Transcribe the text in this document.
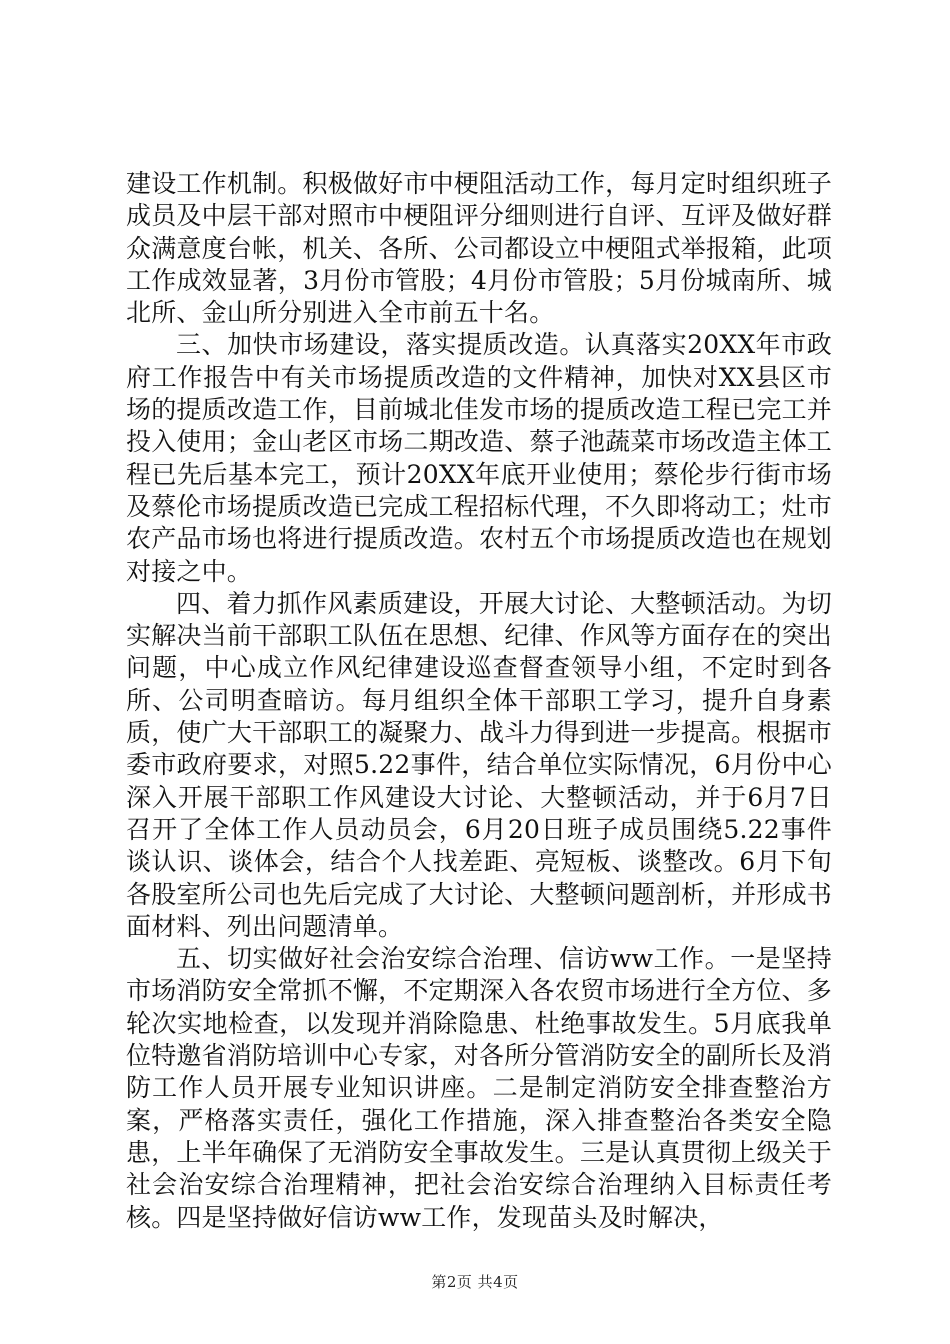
建设工作机制。积极做好市中梗阻活动工作，每月定时组织班子成员及中层干部对照市中梗阻评分细则进行自评、互评及做好群众满意度台帐，机关、各所、公司都设立中梗阻式举报箱，此项工作成效显著，3月份市管股；4月份市管股；5月份城南所、城北所、金山所分别进入全市前五十名。

三、加快市场建设，落实提质改造。认真落实20XX年市政府工作报告中有关市场提质改造的文件精神，加快对XX县区市场的提质改造工作，目前城北佳发市场的提质改造工程已完工并投入使用；金山老区市场二期改造、蔡子池蔬菜市场改造主体工程已先后基本完工，预计20XX年底开业使用；蔡伦步行街市场及蔡伦市场提质改造已完成工程招标代理，不久即将动工；灶市农产品市场也将进行提质改造。农村五个市场提质改造也在规划对接之中。

四、着力抓作风素质建设，开展大讨论、大整顿活动。为切实解决当前干部职工队伍在思想、纪律、作风等方面存在的突出问题，中心成立作风纪律建设巡查督查领导小组，不定时到各所、公司明查暗访。每月组织全体干部职工学习，提升自身素质，使广大干部职工的凝聚力、战斗力得到进一步提高。根据市委市政府要求，对照5.22事件，结合单位实际情况，6月份中心深入开展干部职工作风建设大讨论、大整顿活动，并于6月7日召开了全体工作人员动员会，6月20日班子成员围绕5.22事件谈认识、谈体会，结合个人找差距、亮短板、谈整改。6月下旬各股室所公司也先后完成了大讨论、大整顿问题剖析，并形成书面材料、列出问题清单。

五、切实做好社会治安综合治理、信访ww工作。一是坚持市场消防安全常抓不懈，不定期深入各农贸市场进行全方位、多轮次实地检查，以发现并消除隐患、杜绝事故发生。5月底我单位特邀省消防培训中心专家，对各所分管消防安全的副所长及消防工作人员开展专业知识讲座。二是制定消防安全排查整治方案，严格落实责任，强化工作措施，深入排查整治各类安全隐患，上半年确保了无消防安全事故发生。三是认真贯彻上级关于社会治安综合治理精神，把社会治安综合治理纳入目标责任考核。四是坚持做好信访ww工作，发现苗头及时解决，

第2页 共4页
